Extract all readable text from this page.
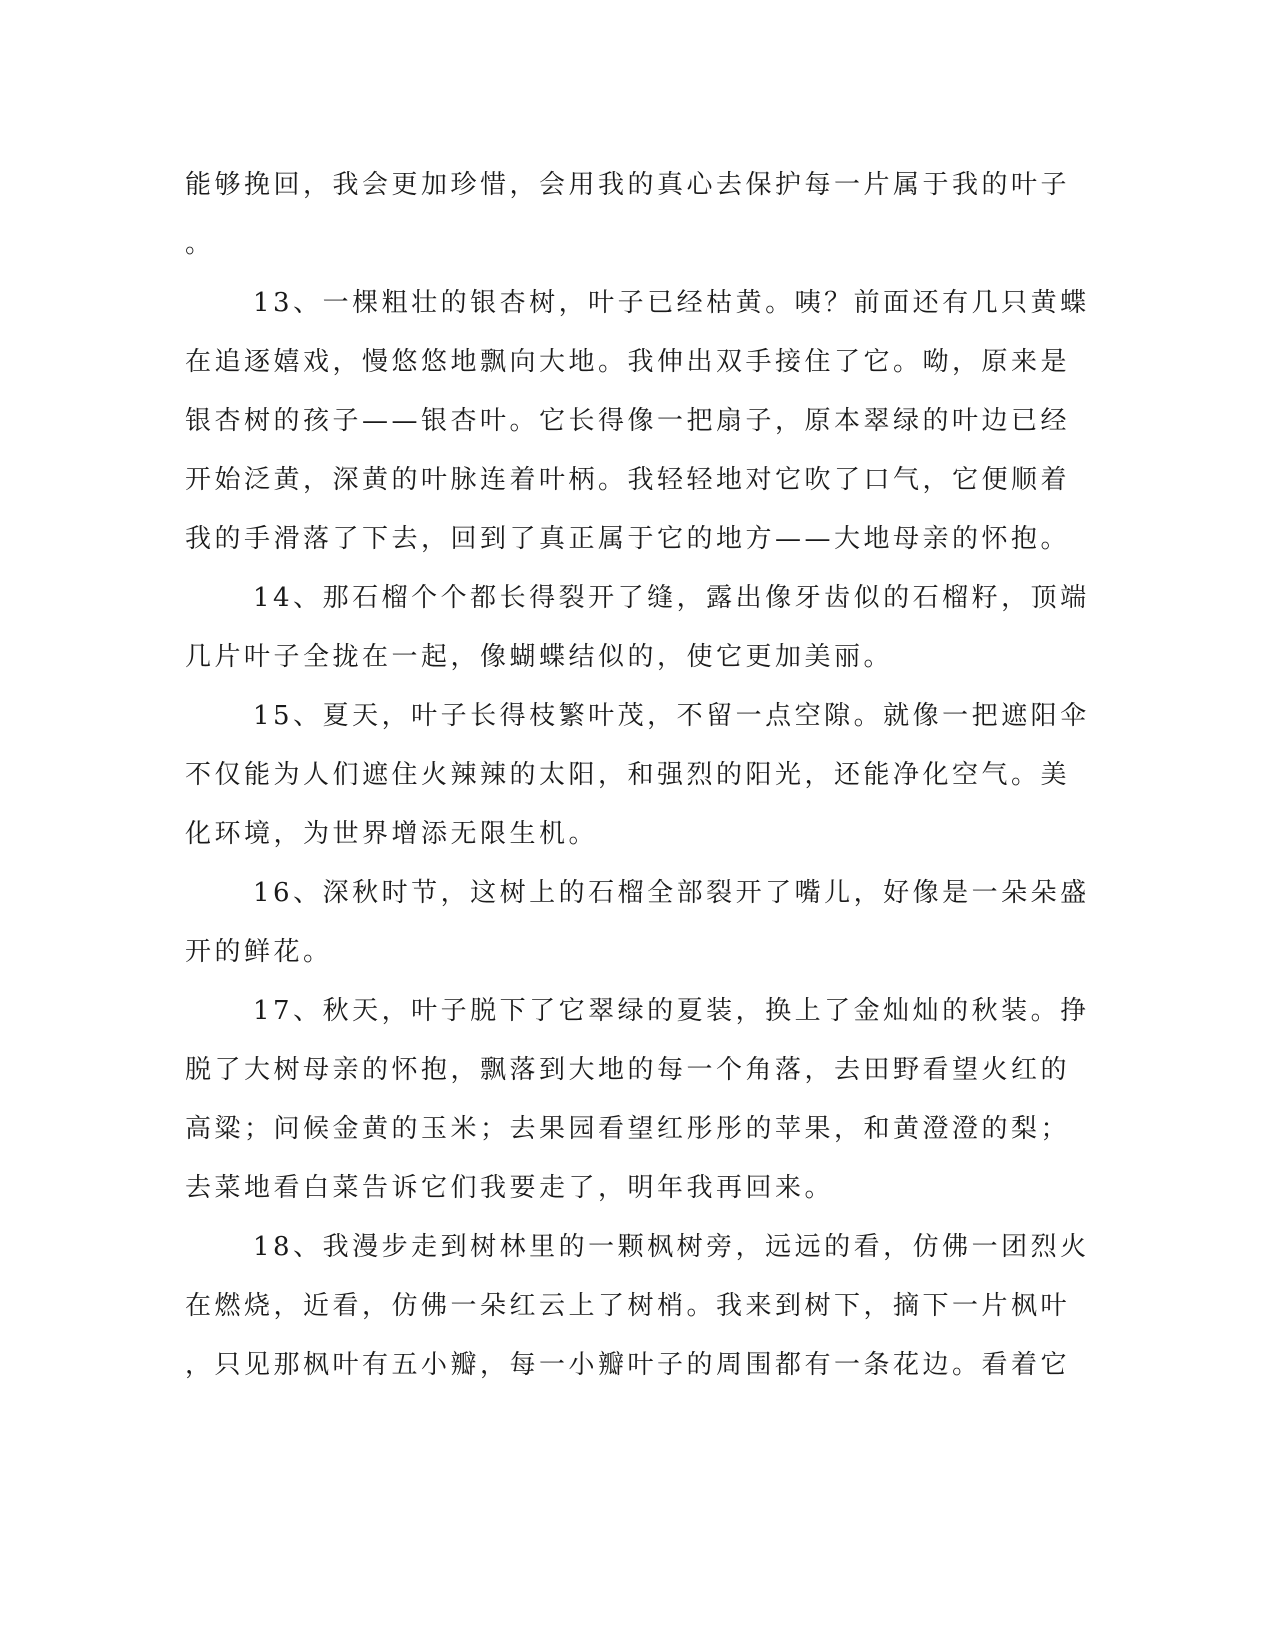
能够挽回，我会更加珍惜，会用我的真心去保护每一片属于我的叶子
。
13、一棵粗壮的银杏树，叶子已经枯黄。咦？前面还有几只黄蝶
在追逐嬉戏，慢悠悠地飘向大地。我伸出双手接住了它。呦，原来是
银杏树的孩子——银杏叶。它长得像一把扇子，原本翠绿的叶边已经
开始泛黄，深黄的叶脉连着叶柄。我轻轻地对它吹了口气，它便顺着
我的手滑落了下去，回到了真正属于它的地方——大地母亲的怀抱。
14、那石榴个个都长得裂开了缝，露出像牙齿似的石榴籽，顶端
几片叶子全拢在一起，像蝴蝶结似的，使它更加美丽。
15、夏天，叶子长得枝繁叶茂，不留一点空隙。就像一把遮阳伞
不仅能为人们遮住火辣辣的太阳，和强烈的阳光，还能净化空气。美
化环境，为世界增添无限生机。
16、深秋时节，这树上的石榴全部裂开了嘴儿，好像是一朵朵盛
开的鲜花。
17、秋天，叶子脱下了它翠绿的夏装，换上了金灿灿的秋装。挣
脱了大树母亲的怀抱，飘落到大地的每一个角落，去田野看望火红的
高粱；问候金黄的玉米；去果园看望红彤彤的苹果，和黄澄澄的梨；
去菜地看白菜告诉它们我要走了，明年我再回来。
18、我漫步走到树林里的一颗枫树旁，远远的看，仿佛一团烈火
在燃烧，近看，仿佛一朵红云上了树梢。我来到树下，摘下一片枫叶
，只见那枫叶有五小瓣，每一小瓣叶子的周围都有一条花边。看着它
